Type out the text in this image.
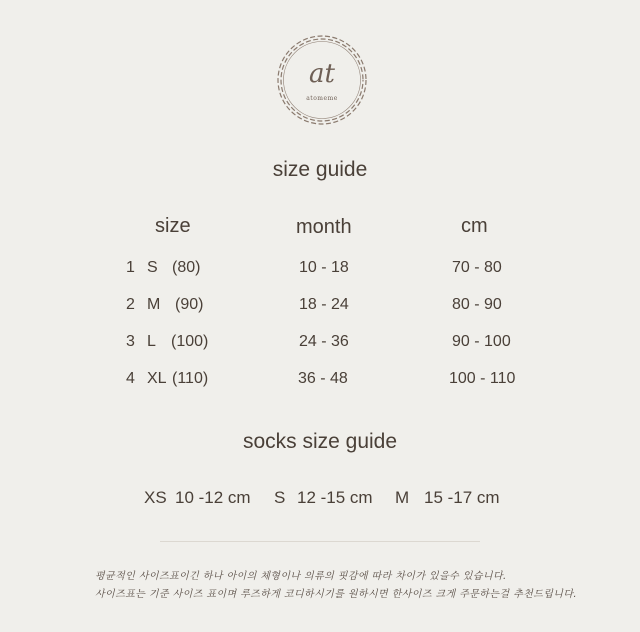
at
atomeme
size guide
size	month	cm
1 S (80)	10 - 18	70 - 80
2 M (90)	18 - 24	80 - 90
3 L (100)	24 - 36	90 - 100
4 XL (110)	36 - 48	100 - 110
socks size guide
XS 10 -12 cm S 12 -15 cm M 15 -17 cm
평균적인 사이즈표이긴 하나 아이의 체형이나 의류의 핏감에 따라 차이가 있을수 있습니다.
사이즈표는 기준 사이즈 표이며 루즈하게 코디하시기를 원하시면 한사이즈 크게 주문하는걸 추천드립니다.
